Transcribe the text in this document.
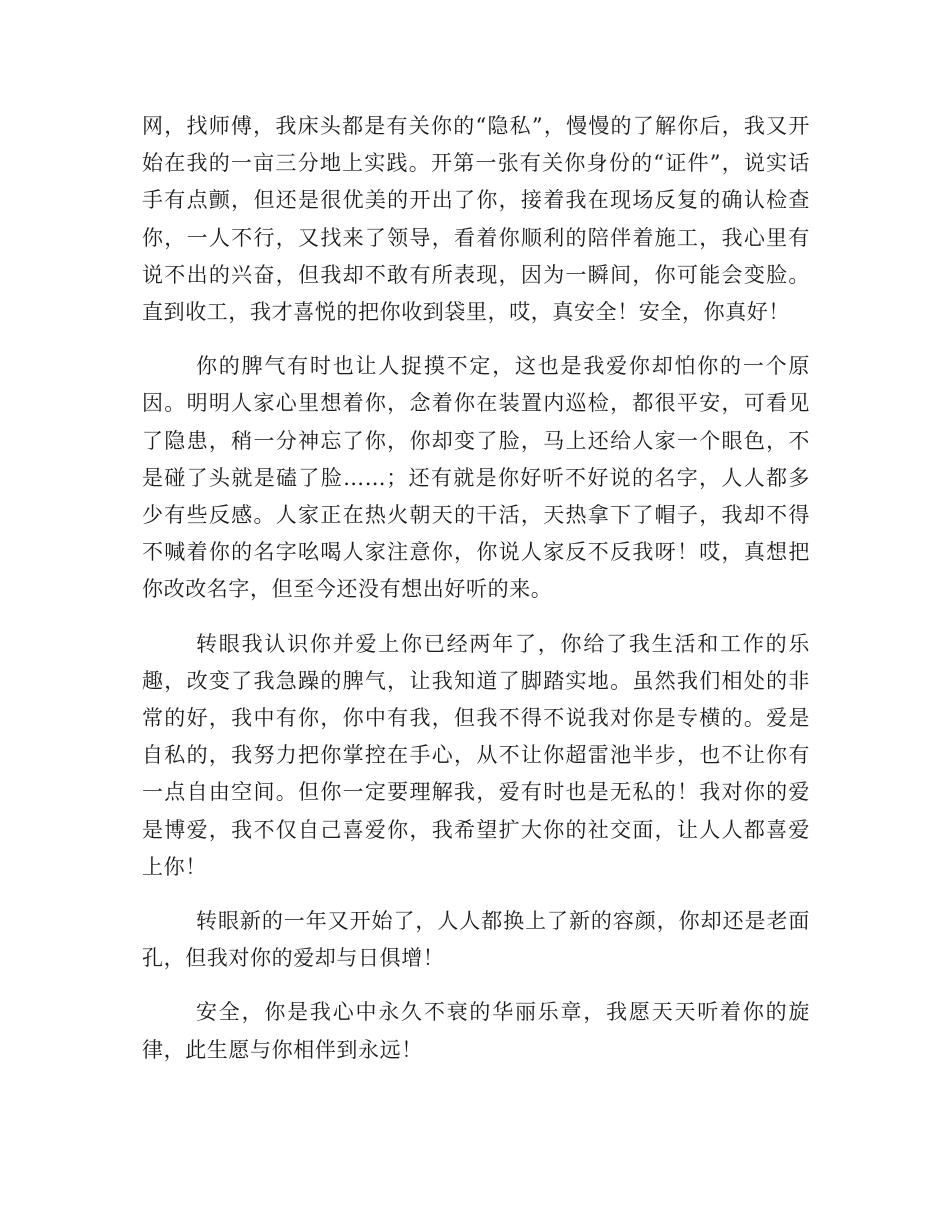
网，找师傅，我床头都是有关你的“隐私”，慢慢的了解你后，我又开始在我的一亩三分地上实践。开第一张有关你身份的“证件”，说实话手有点颤，但还是很优美的开出了你，接着我在现场反复的确认检查你，一人不行，又找来了领导，看着你顺利的陪伴着施工，我心里有说不出的兴奋，但我却不敢有所表现，因为一瞬间，你可能会变脸。直到收工，我才喜悦的把你收到袋里，哎，真安全！安全，你真好！

你的脾气有时也让人捉摸不定，这也是我爱你却怕你的一个原因。明明人家心里想着你，念着你在装置内巡检，都很平安，可看见了隐患，稍一分神忘了你，你却变了脸，马上还给人家一个眼色，不是碰了头就是磕了脸……；还有就是你好听不好说的名字，人人都多少有些反感。人家正在热火朝天的干活，天热拿下了帽子，我却不得不喊着你的名字吆喝人家注意你，你说人家反不反我呀！哎，真想把你改改名字，但至今还没有想出好听的来。

转眼我认识你并爱上你已经两年了，你给了我生活和工作的乐趣，改变了我急躁的脾气，让我知道了脚踏实地。虽然我们相处的非常的好，我中有你，你中有我，但我不得不说我对你是专横的。爱是自私的，我努力把你掌控在手心，从不让你超雷池半步，也不让你有一点自由空间。但你一定要理解我，爱有时也是无私的！我对你的爱是博爱，我不仅自己喜爱你，我希望扩大你的社交面，让人人都喜爱上你！

转眼新的一年又开始了，人人都换上了新的容颜，你却还是老面孔，但我对你的爱却与日俱增！

安全，你是我心中永久不衰的华丽乐章，我愿天天听着你的旋律，此生愿与你相伴到永远！
